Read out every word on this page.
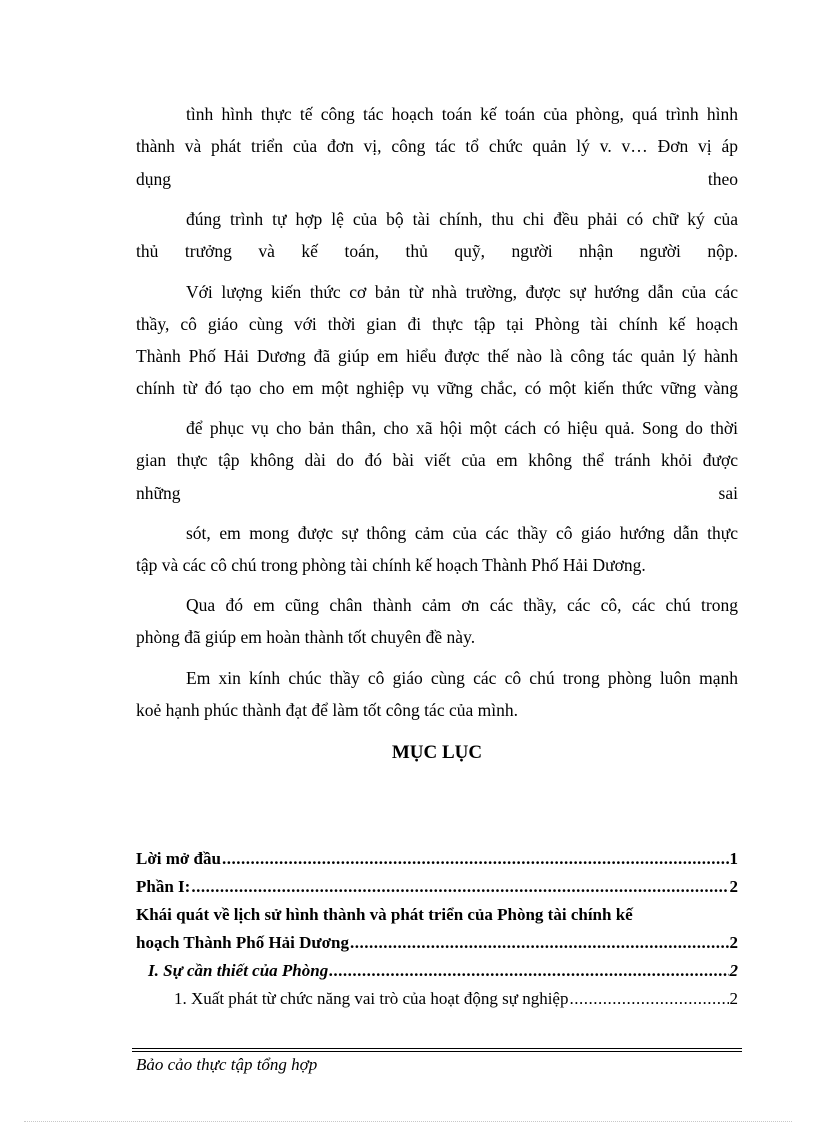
tình hình thực tế công tác hoạch toán kế toán của phòng, quá trình hình
thành và phát triển của đơn vị, công tác tổ chức quản lý v. v… Đơn vị áp
dụng theo
đúng trình tự hợp lệ của bộ tài chính, thu chi đều phải có chữ ký của
thủ trưởng và kế toán, thủ quỹ, người nhận người nộp.
Với lượng kiến thức cơ bản từ nhà trường, được sự hướng dẫn của các
thầy, cô giáo cùng với thời gian đi thực tập tại Phòng tài chính kế hoạch
Thành Phố Hải Dương đã giúp em hiểu được thế nào là công tác quản lý hành
chính từ đó tạo cho em một nghiệp vụ vững chắc, có một kiến thức vững vàng
để phục vụ cho bản thân, cho xã hội một cách có hiệu quả. Song do thời
gian thực tập không dài do đó bài viết của em không thể tránh khỏi được
những sai
sót, em mong được sự thông cảm của các thầy cô giáo hướng dẫn thực
tập và các cô chú trong phòng tài chính kế hoạch Thành Phố Hải Dương.
Qua đó em cũng chân thành cảm ơn các thầy, các cô, các chú trong
phòng đã giúp em hoàn thành tốt chuyên đề này.
Em xin kính chúc thầy cô giáo cùng các cô chú trong phòng luôn mạnh
koẻ hạnh phúc thành đạt để làm tốt công tác của mình.
MỤC LỤC
Lời mở đầu .....	1
Phần I: .....	2
Khái quát về lịch sử hình thành và phát triển của Phòng tài chính kế
hoạch Thành Phố Hải Dương .....	2
I. Sự cần thiết của Phòng .....	2
1. Xuất phát từ chức năng vai trò của hoạt động sự nghiệp .....	2
Bảo cảo thực tập tổng hợp
